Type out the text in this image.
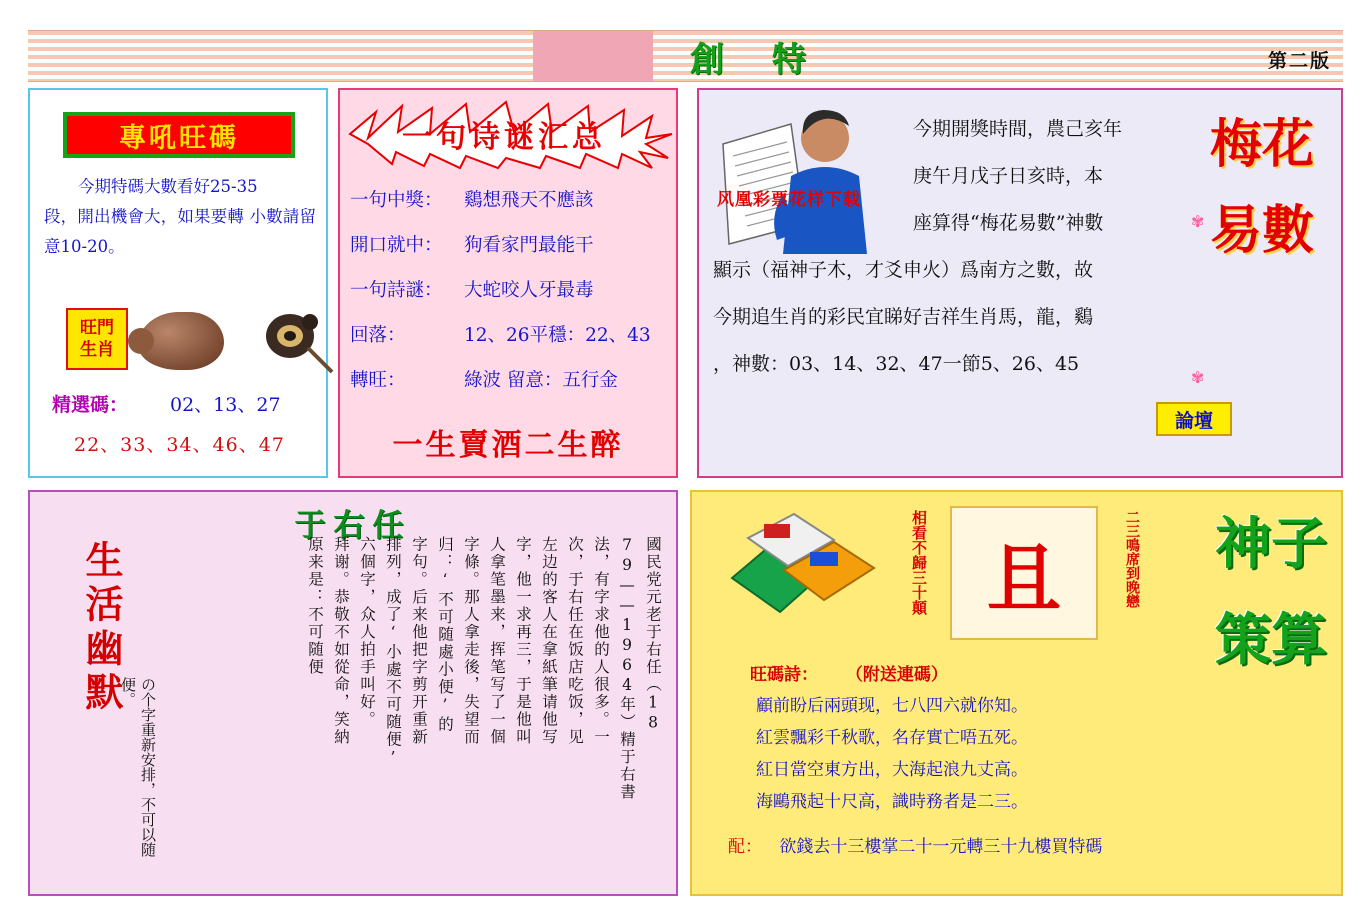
創 特	第二版
專吼旺碼
今期特碼大數看好25-35
段，開出機會大，如果要轉 小數請留意10-20。
旺門
生肖
精選碼： 02、13、27
22、33、34、46、47
一句诗谜汇总
一句中獎： 鷄想飛天不應該
開口就中： 狗看家門最能干
一句詩謎： 大蛇咬人牙最毒
回落：	12、26平穩：22、43
轉旺：	綠波 留意：五行金
一生賣酒二生醉
风凰彩票花样下载
今期開獎時間，農己亥年
庚午月戊子日亥時，本
座算得“梅花易數”神數
顯示（福神子木，才爻申火）爲南方之數，故
今期追生肖的彩民宜睇好吉祥生肖馬，龍，鷄
，神數：03、14、32、47一節5、26、45
✾
✾
梅花易數
論壇
于右任
生活幽默
の个字重新安排，不可以随便。	國民党元老于右任（18
79——1964年）精于右書
法，有字求他的人很多。一
次，于右任在饭店吃饭，见
左边的客人在拿紙筆请他写
字，他一求再三，于是他叫
人拿笔墨来，挥笔写了一個
字條。那人拿走後，失望而
归：‘不可随處小便’的
字句。后来他把字剪开重新
排列，成了‘小處不可随便’
六個字，众人拍手叫好。
拜谢。恭敬不如從命，笑納
原来是：不可随便	相看不歸三十顛 且	二三鳴席到晚戀 神子策算
旺碼詩： （附送連碼）
顧前盼后兩頭现，七八四六就你知。
紅雲飄彩千秋歌，名存實亡唔五死。
紅日當空東方出，大海起浪九丈高。
海鷗飛起十尺高，識時務者是二三。
配： 欲錢去十三樓掌二十一元轉三十九樓買特碼
